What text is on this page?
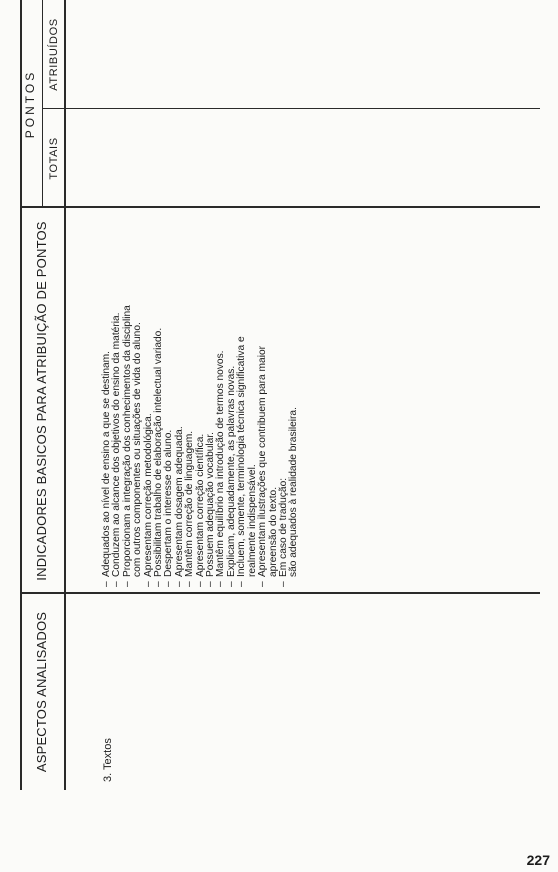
ASPECTOS ANALISADOS
INDICADORES BASICOS PARA ATRIBUIÇÃO DE PONTOS
PONTOS
TOTAIS
ATRIBUÍDOS
3. Textos
–
Adequados ao nível de ensino a que se destinam.
–
Conduzem ao alcance dos objetivos do ensino da matéria.
–
Proporcionam a integração dos conhecimentos da disciplina com outros componentes ou situações de vida do aluno.
–
Apresentam correção metodológica.
–
Possibilitam trabalho de elaboração intelectual variado.
–
Despertam o interesse do aluno.
–
Apresentam dosagem adequada.
–
Mantêm correção de linguagem.
–
Apresentam correção científica.
–
Possuem adequação vocabular.
–
Mantêm equilíbrio na introdução de termos novos.
–
Explicam, adequadamente, as palavras novas.
–
Incluem, somente, terminologia técnica significativa e realmente indispensável.
–
Apresentam ilustrações que contribuem para maior apreensão do texto.
–
Em caso de tradução: são adequados à realidade brasileira.
227
